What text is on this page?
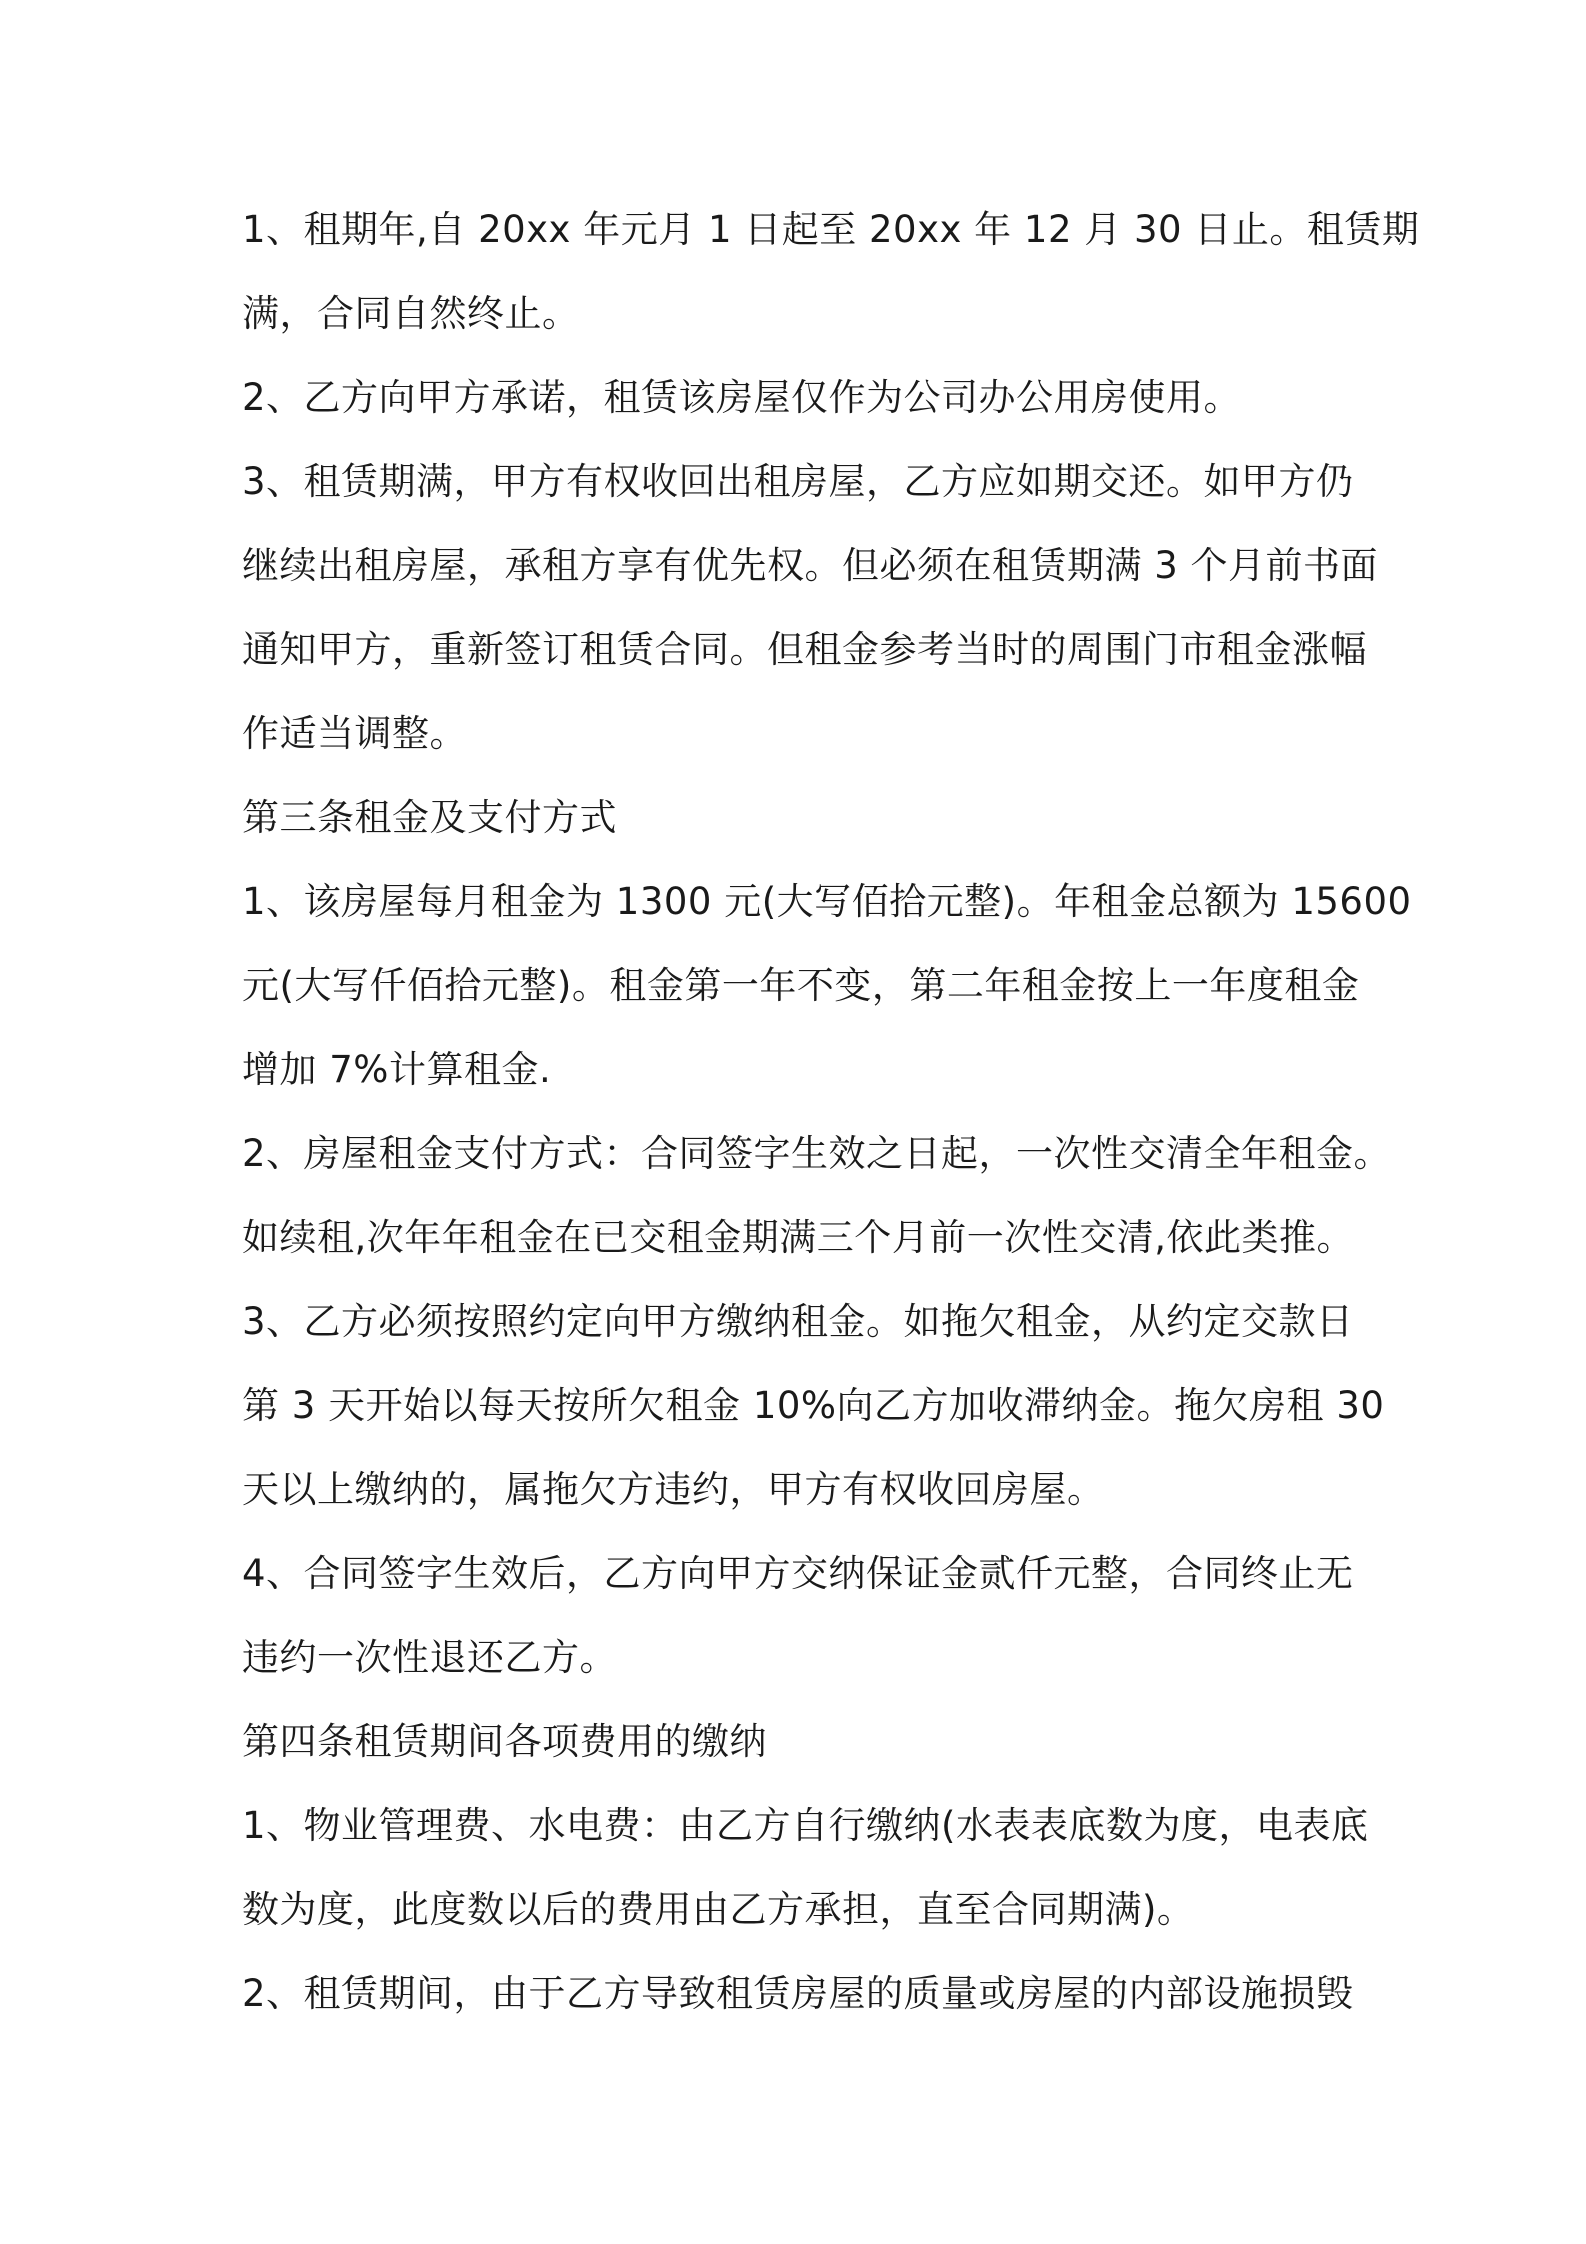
1、租期年,自 20xx 年元月 1 日起至 20xx 年 12 月 30 日止。租赁期
满，合同自然终止。
2、乙方向甲方承诺，租赁该房屋仅作为公司办公用房使用。
3、租赁期满，甲方有权收回出租房屋，乙方应如期交还。如甲方仍
继续出租房屋，承租方享有优先权。但必须在租赁期满 3 个月前书面
通知甲方，重新签订租赁合同。但租金参考当时的周围门市租金涨幅
作适当调整。
第三条租金及支付方式
1、该房屋每月租金为 1300 元(大写佰拾元整)。年租金总额为 15600
元(大写仟佰拾元整)。租金第一年不变，第二年租金按上一年度租金
增加 7%计算租金.
2、房屋租金支付方式：合同签字生效之日起，一次性交清全年租金。
如续租,次年年租金在已交租金期满三个月前一次性交清,依此类推。
3、乙方必须按照约定向甲方缴纳租金。如拖欠租金，从约定交款日
第 3 天开始以每天按所欠租金 10%向乙方加收滞纳金。拖欠房租 30
天以上缴纳的，属拖欠方违约，甲方有权收回房屋。
4、合同签字生效后，乙方向甲方交纳保证金贰仟元整，合同终止无
违约一次性退还乙方。
第四条租赁期间各项费用的缴纳
1、物业管理费、水电费：由乙方自行缴纳(水表表底数为度，电表底
数为度，此度数以后的费用由乙方承担，直至合同期满)。
2、租赁期间，由于乙方导致租赁房屋的质量或房屋的内部设施损毁
